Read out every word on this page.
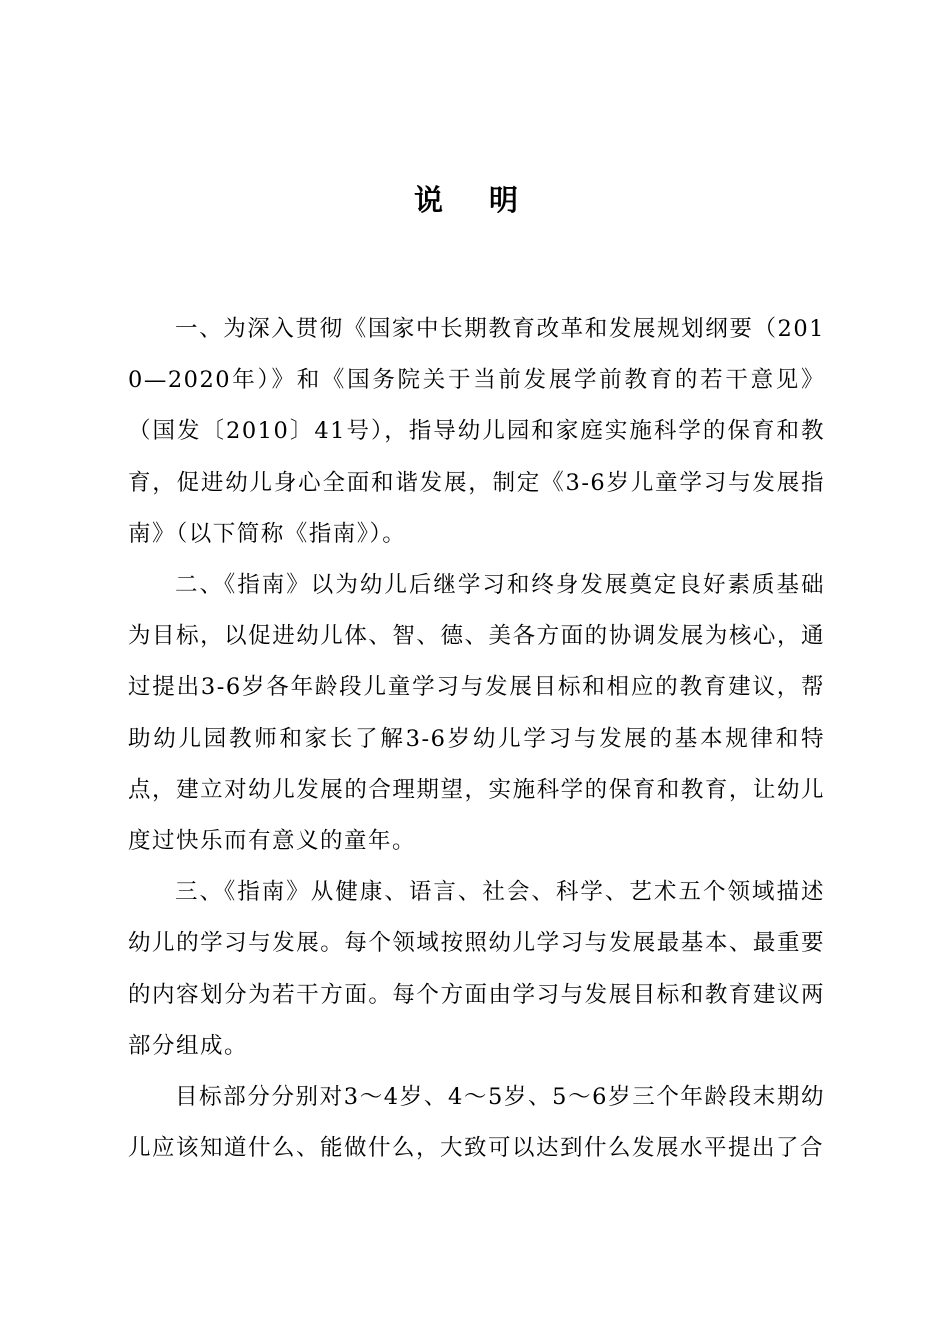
说 明

一、为深入贯彻《国家中长期教育改革和发展规划纲要（2010—2020年）》和《国务院关于当前发展学前教育的若干意见》（国发〔2010〕41号），指导幼儿园和家庭实施科学的保育和教育，促进幼儿身心全面和谐发展，制定《3-6岁儿童学习与发展指南》（以下简称《指南》）。

二、《指南》以为幼儿后继学习和终身发展奠定良好素质基础为目标，以促进幼儿体、智、德、美各方面的协调发展为核心，通过提出3-6岁各年龄段儿童学习与发展目标和相应的教育建议，帮助幼儿园教师和家长了解3-6岁幼儿学习与发展的基本规律和特点，建立对幼儿发展的合理期望，实施科学的保育和教育，让幼儿度过快乐而有意义的童年。

三、《指南》从健康、语言、社会、科学、艺术五个领域描述幼儿的学习与发展。每个领域按照幼儿学习与发展最基本、最重要的内容划分为若干方面。每个方面由学习与发展目标和教育建议两部分组成。

目标部分分别对3～4岁、4～5岁、5～6岁三个年龄段末期幼儿应该知道什么、能做什么，大致可以达到什么发展水平提出了合
